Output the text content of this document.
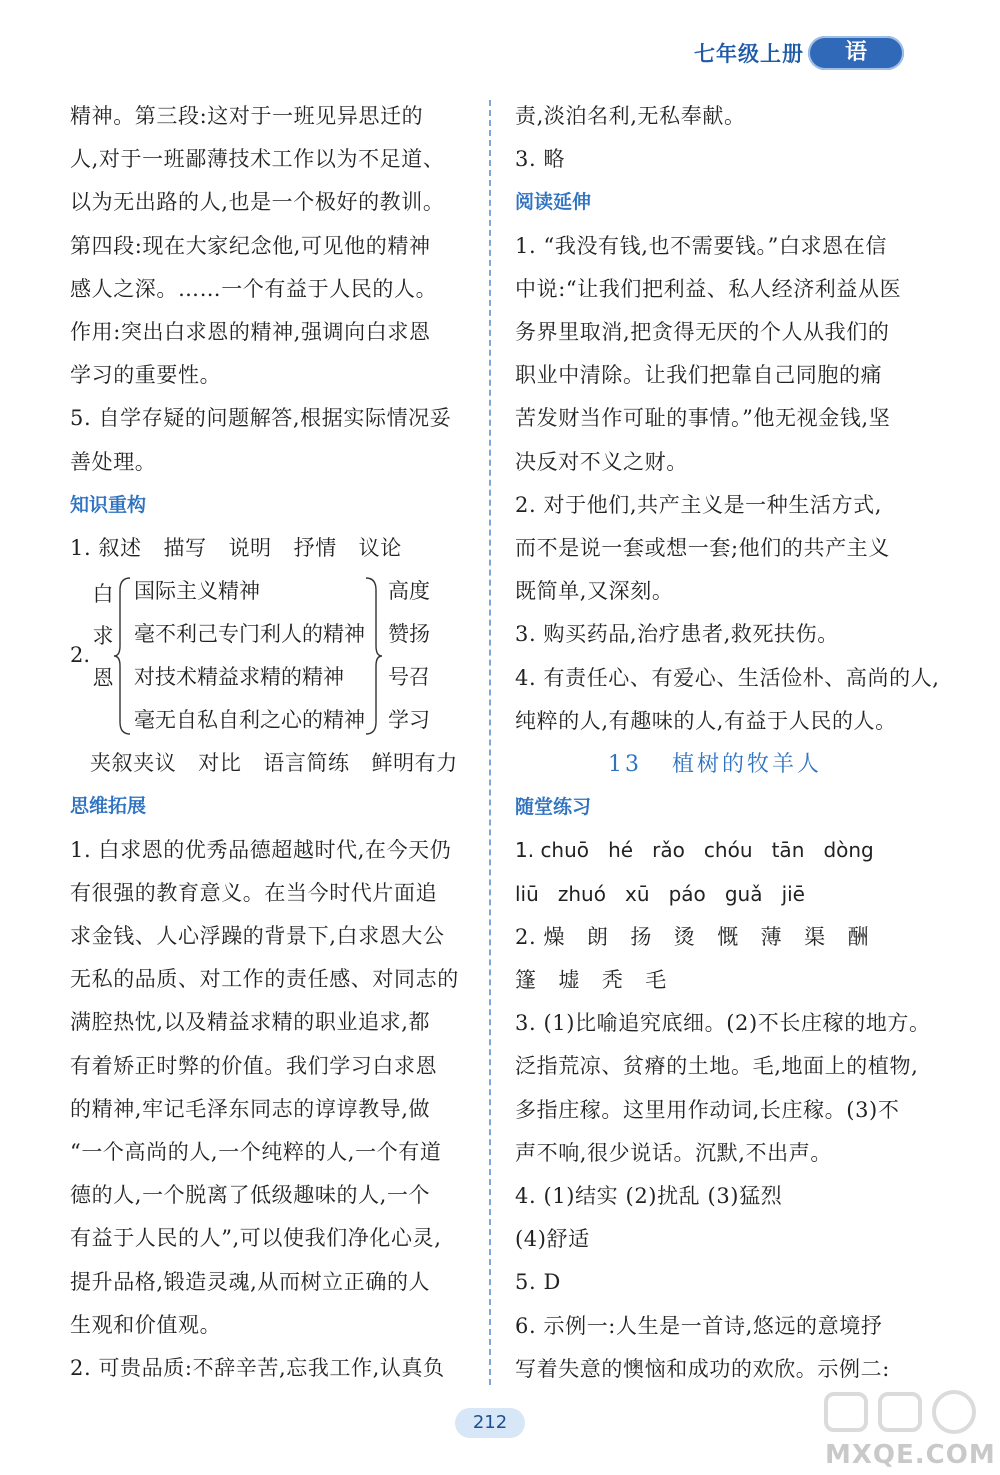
七年级上册	语 文

精神。第三段:这对于一班见异思迁的

人,对于一班鄙薄技术工作以为不足道、

以为无出路的人,也是一个极好的教训。

第四段:现在大家纪念他,可见他的精神

感人之深。……一个有益于人民的人。

作用:突出白求恩的精神,强调向白求恩

学习的重要性。

5. 自学存疑的问题解答,根据实际情况妥

善处理。

知识重构

1. 叙述   描写   说明   抒情   议论

2.
白
求
恩
国际主义精神
毫不利己专门利人的精神
对技术精益求精的精神
毫无自私自利之心的精神
高度
赞扬
号召
学习

夹叙夹议   对比   语言简练   鲜明有力

思维拓展

1. 白求恩的优秀品德超越时代,在今天仍

有很强的教育意义。在当今时代片面追

求金钱、人心浮躁的背景下,白求恩大公

无私的品质、对工作的责任感、对同志的

满腔热忱,以及精益求精的职业追求,都

有着矫正时弊的价值。我们学习白求恩

的精神,牢记毛泽东同志的谆谆教导,做

“一个高尚的人,一个纯粹的人,一个有道

德的人,一个脱离了低级趣味的人,一个

有益于人民的人”,可以使我们净化心灵,

提升品格,锻造灵魂,从而树立正确的人

生观和价值观。

2. 可贵品质:不辞辛苦,忘我工作,认真负

责,淡泊名利,无私奉献。

3. 略

阅读延伸

1. “我没有钱,也不需要钱。”白求恩在信

中说:“让我们把利益、私人经济利益从医

务界里取消,把贪得无厌的个人从我们的

职业中清除。让我们把靠自己同胞的痛

苦发财当作可耻的事情。”他无视金钱,坚

决反对不义之财。

2. 对于他们,共产主义是一种生活方式,

而不是说一套或想一套;他们的共产主义

既简单,又深刻。

3. 购买药品,治疗患者,救死扶伤。

4. 有责任心、有爱心、生活俭朴、高尚的人,

纯粹的人,有趣味的人,有益于人民的人。

13   植树的牧羊人

随堂练习

1. chuō   hé   rǎo   chóu   tān   dòng

liū   zhuó   xū   páo   guǎ   jiē

2. 燥   朗   扬   烫   慨   薄   渠   酬

篷   墟   秃   毛

3. (1)比喻追究底细。(2)不长庄稼的地方。

泛指荒凉、贫瘠的土地。毛,地面上的植物,

多指庄稼。这里用作动词,长庄稼。(3)不

声不响,很少说话。沉默,不出声。

4. (1)结实 (2)扰乱 (3)猛烈

(4)舒适

5. D

6. 示例一:人生是一首诗,悠远的意境抒

写着失意的懊恼和成功的欢欣。示例二:

212
MXQE.COM
